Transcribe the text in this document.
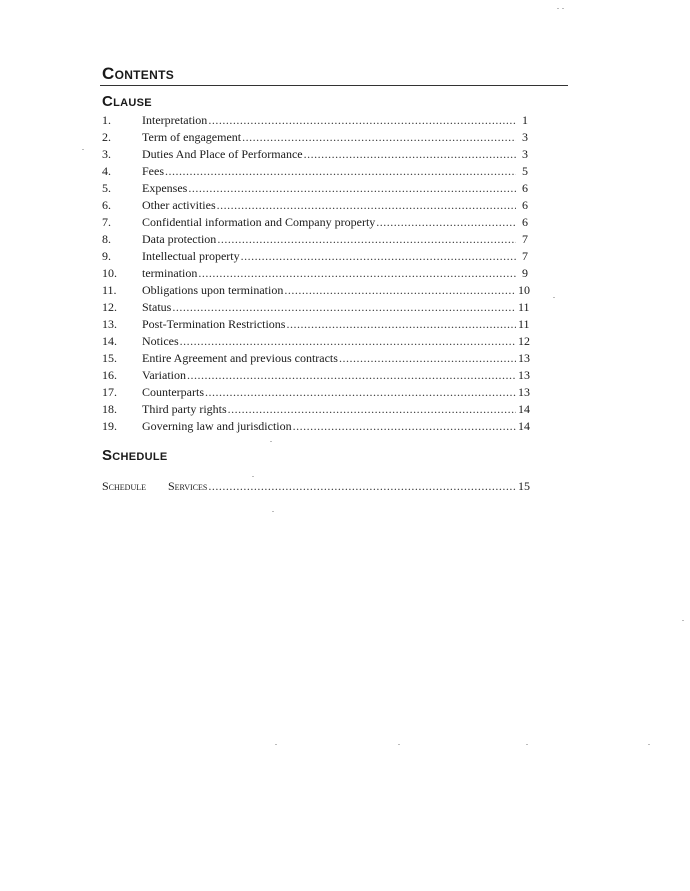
Contents
Clause
1.	Interpretation .....	1
2.	Term of engagement .....	3
3.	Duties And Place of Performance .....	3
4.	Fees .....	5
5.	Expenses .....	6
6.	Other activities .....	6
7.	Confidential information and Company property .....	6
8.	Data protection .....	7
9.	Intellectual property .....	7
10.	termination .....	9
11.	Obligations upon termination .....	10
12.	Status .....	11
13.	Post-Termination Restrictions .....	11
14.	Notices .....	12
15.	Entire Agreement and previous contracts .....	13
16.	Variation .....	13
17.	Counterparts .....	13
18.	Third party rights .....	14
19.	Governing law and jurisdiction .....	14
Schedule
Schedule	Services .....	15
